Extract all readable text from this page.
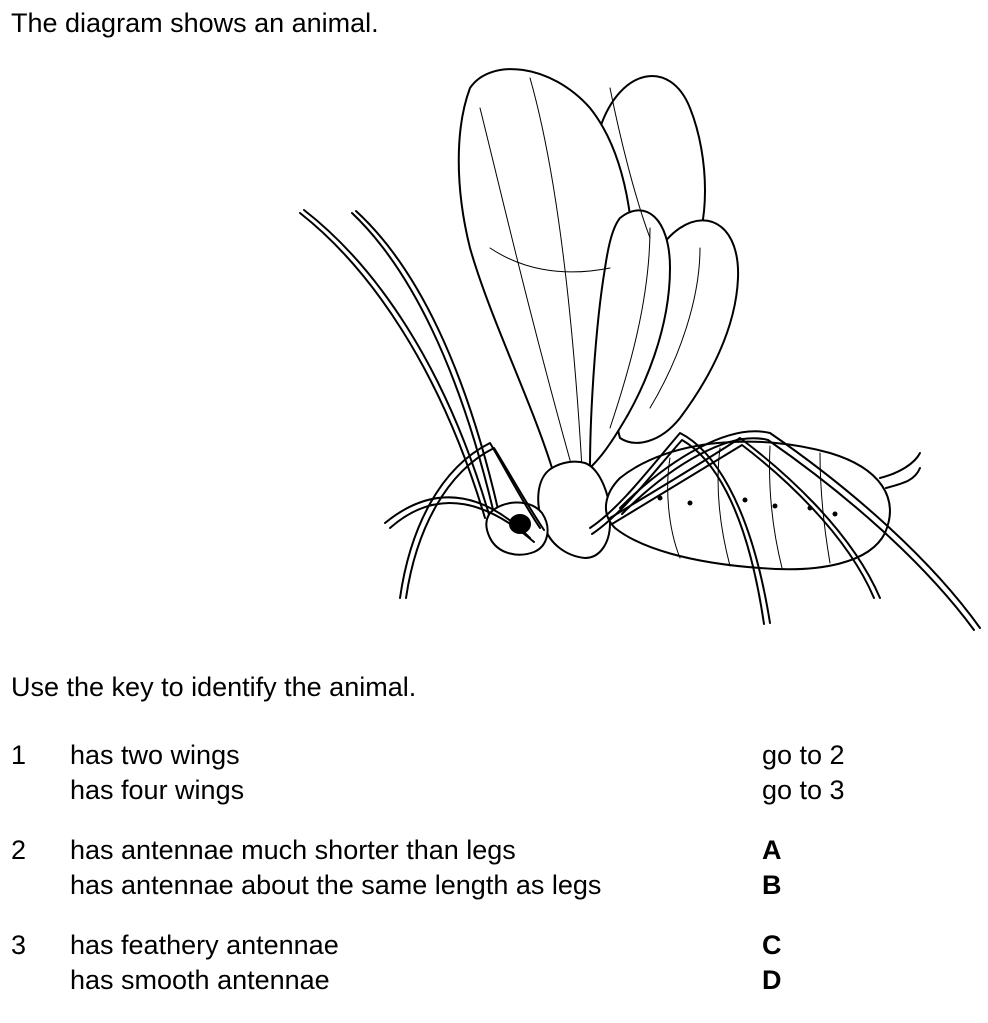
The diagram shows an animal.

Use the key to identify the animal.

1 has two wings .....	go to 2
has four wings .....	go to 3
2 has antennae much shorter than legs .....	A
has antennae about the same length as legs .....	B
3 has feathery antennae .....	C
has smooth antennae .....	D
